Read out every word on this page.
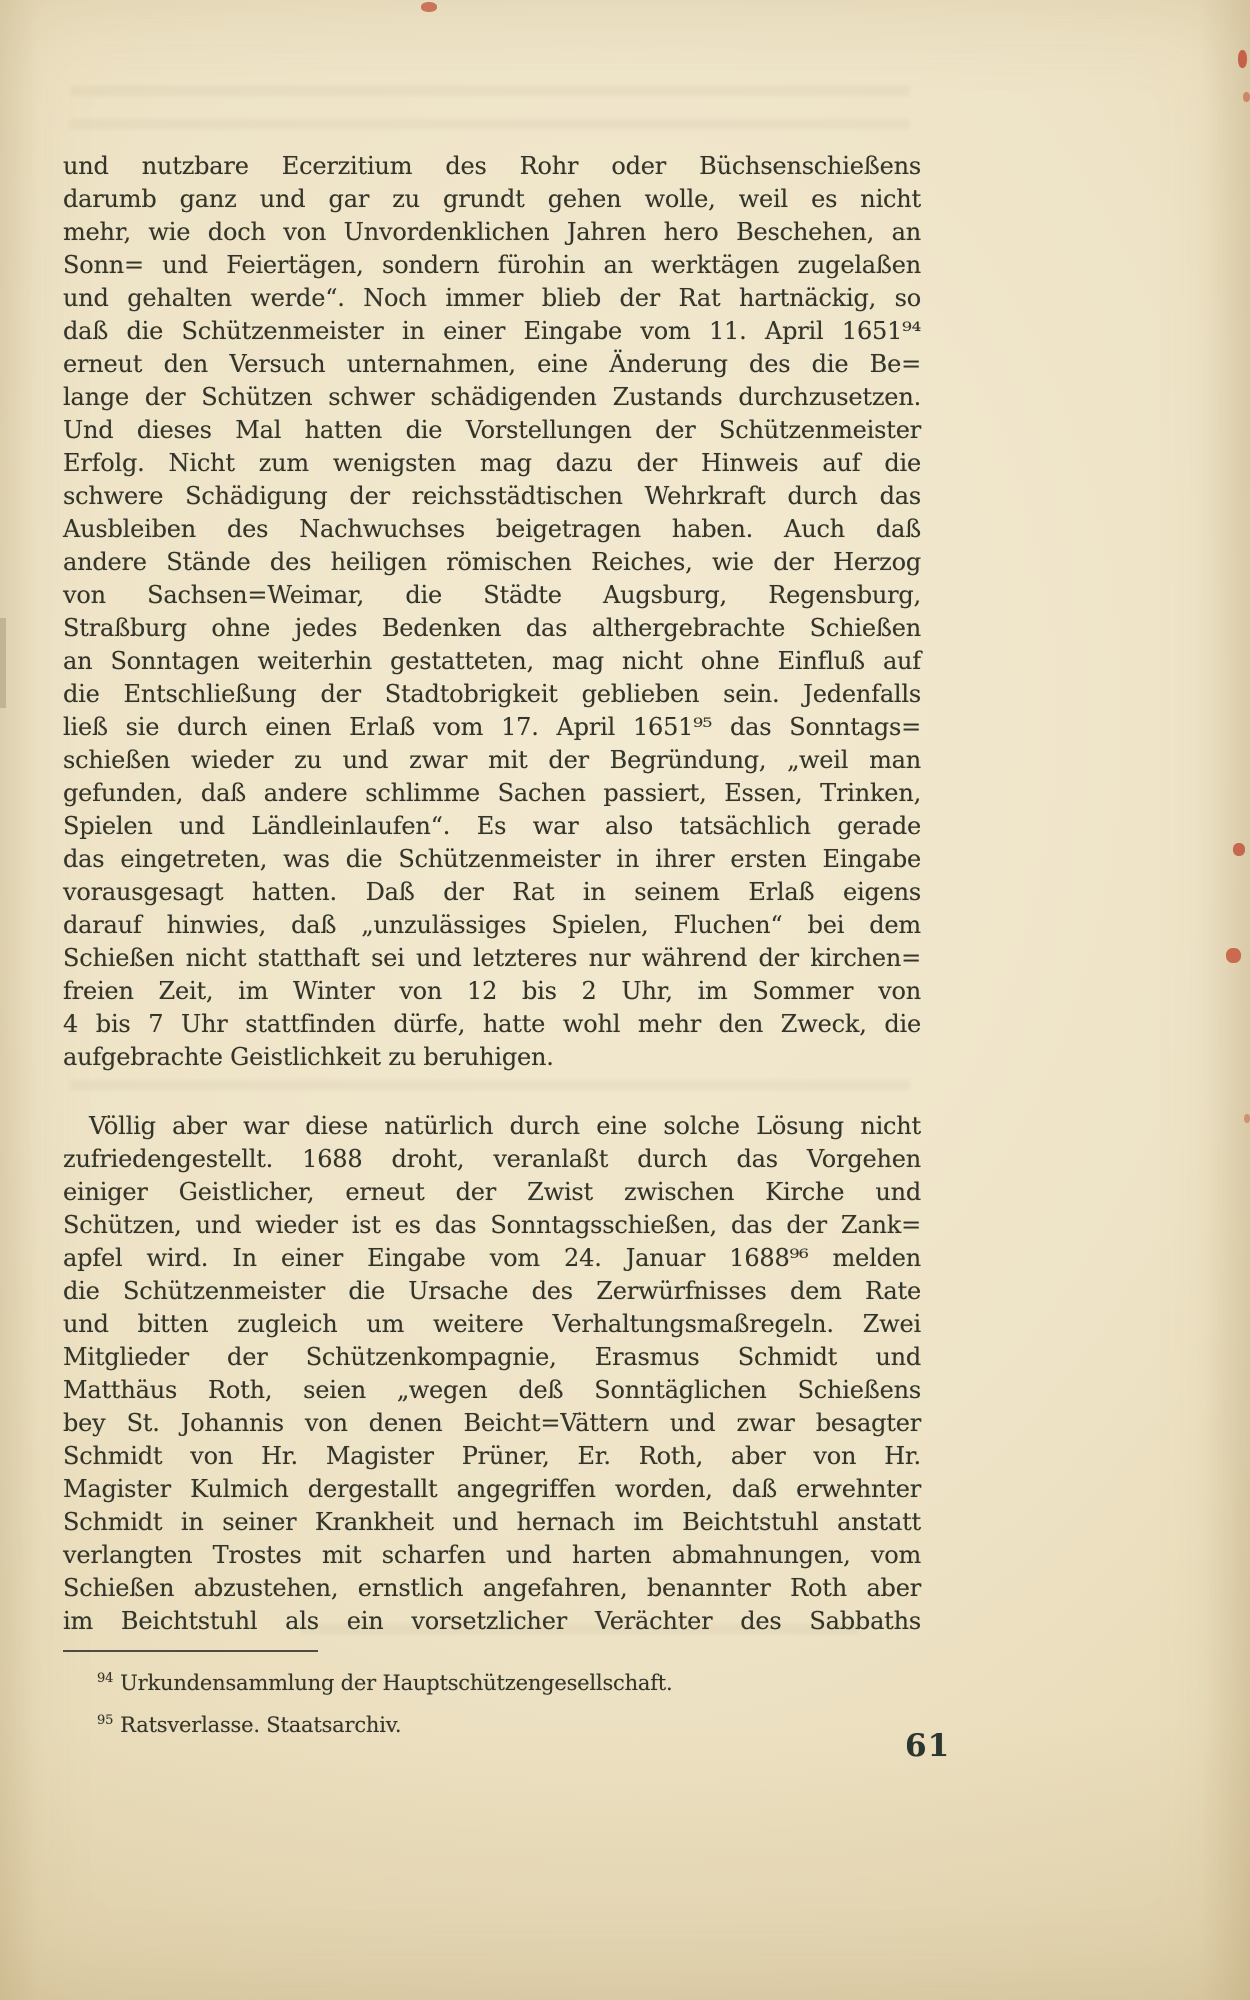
und nutzbare Ecerzitium des Rohr oder Büchsenschießens
darumb ganz und gar zu grundt gehen wolle, weil es nicht
mehr, wie doch von Unvordenklichen Jahren hero Beschehen, an
Sonn= und Feiertägen, sondern fürohin an werktägen zugelaßen
und gehalten werde“. Noch immer blieb der Rat hartnäckig, so
daß die Schützenmeister in einer Eingabe vom 11. April 1651⁹⁴
erneut den Versuch unternahmen, eine Änderung des die Be=
lange der Schützen schwer schädigenden Zustands durchzusetzen.
Und dieses Mal hatten die Vorstellungen der Schützenmeister
Erfolg. Nicht zum wenigsten mag dazu der Hinweis auf die
schwere Schädigung der reichsstädtischen Wehrkraft durch das
Ausbleiben des Nachwuchses beigetragen haben. Auch daß
andere Stände des heiligen römischen Reiches, wie der Herzog
von Sachsen=Weimar, die Städte Augsburg, Regensburg,
Straßburg ohne jedes Bedenken das althergebrachte Schießen
an Sonntagen weiterhin gestatteten, mag nicht ohne Einfluß auf
die Entschließung der Stadtobrigkeit geblieben sein. Jedenfalls
ließ sie durch einen Erlaß vom 17. April 1651⁹⁵ das Sonntags=
schießen wieder zu und zwar mit der Begründung, „weil man
gefunden, daß andere schlimme Sachen passiert, Essen, Trinken,
Spielen und Ländleinlaufen“. Es war also tatsächlich gerade
das eingetreten, was die Schützenmeister in ihrer ersten Eingabe
vorausgesagt hatten. Daß der Rat in seinem Erlaß eigens
darauf hinwies, daß „unzulässiges Spielen, Fluchen“ bei dem
Schießen nicht statthaft sei und letzteres nur während der kirchen=
freien Zeit, im Winter von 12 bis 2 Uhr, im Sommer von
4 bis 7 Uhr stattfinden dürfe, hatte wohl mehr den Zweck, die
aufgebrachte Geistlichkeit zu beruhigen.
Völlig aber war diese natürlich durch eine solche Lösung nicht
zufriedengestellt. 1688 droht, veranlaßt durch das Vorgehen
einiger Geistlicher, erneut der Zwist zwischen Kirche und
Schützen, und wieder ist es das Sonntagsschießen, das der Zank=
apfel wird. In einer Eingabe vom 24. Januar 1688⁹⁶ melden
die Schützenmeister die Ursache des Zerwürfnisses dem Rate
und bitten zugleich um weitere Verhaltungsmaßregeln. Zwei
Mitglieder der Schützenkompagnie, Erasmus Schmidt und
Matthäus Roth, seien „wegen deß Sonntäglichen Schießens
bey St. Johannis von denen Beicht=Vättern und zwar besagter
Schmidt von Hr. Magister Prüner, Er. Roth, aber von Hr.
Magister Kulmich dergestallt angegriffen worden, daß erwehnter
Schmidt in seiner Krankheit und hernach im Beichtstuhl anstatt
verlangten Trostes mit scharfen und harten abmahnungen, vom
Schießen abzustehen, ernstlich angefahren, benannter Roth aber
im Beichtstuhl als ein vorsetzlicher Verächter des Sabbaths
$^{94}$ Urkundensammlung der Hauptschützengesellschaft.
$^{95}$ Ratsverlasse. Staatsarchiv.
61
